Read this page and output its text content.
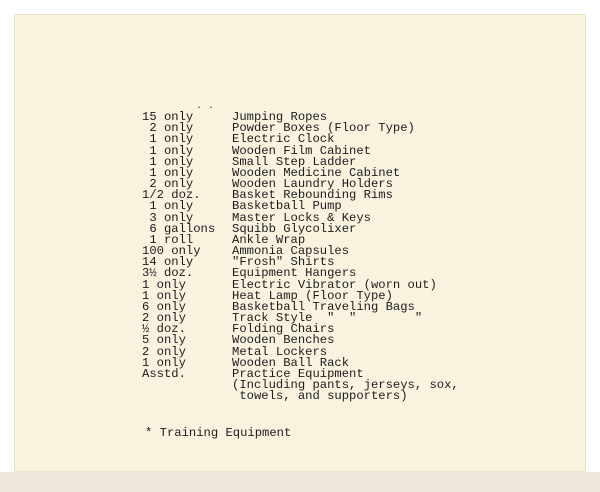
. .
15 only	Jumping Ropes
2 only	Powder Boxes (Floor Type)
1 only	Electric Clock
1 only	Wooden Film Cabinet
1 only	Small Step Ladder
1 only	Wooden Medicine Cabinet
2 only	Wooden Laundry Holders
1/2 doz.	Basket Rebounding Rims
1 only	Basketball Pump
3 only	Master Locks & Keys
6 gallons Squibb Glycolixer
1 roll	Ankle Wrap
100 only	Ammonia Capsules
14 only	"Frosh" Shirts
3½ doz.	Equipment Hangers
1 only	Electric Vibrator (worn out)
1 only	Heat Lamp (Floor Type)
6 only	Basketball Traveling Bags
2 only	Track Style  "  "        "
½ doz.	Folding Chairs
5 only	Wooden Benches
2 only	Metal Lockers
1 only	Wooden Ball Rack
Asstd.	Practice Equipment
(Including pants, jerseys, sox,
towels, and supporters)
* Training Equipment
